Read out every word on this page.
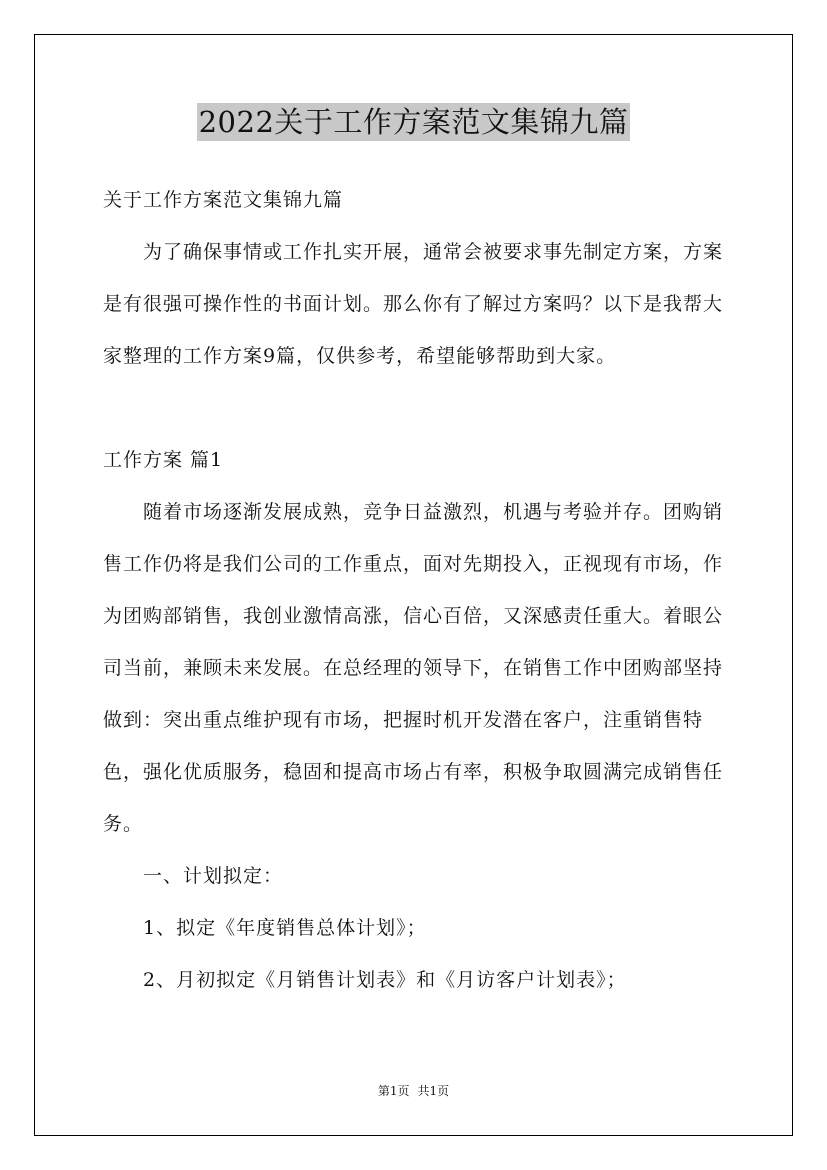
2022关于工作方案范文集锦九篇

关于工作方案范文集锦九篇

为了确保事情或工作扎实开展，通常会被要求事先制定方案，方案是有很强可操作性的书面计划。那么你有了解过方案吗？以下是我帮大家整理的工作方案9篇，仅供参考，希望能够帮助到大家。

工作方案 篇1

随着市场逐渐发展成熟，竞争日益激烈，机遇与考验并存。团购销售工作仍将是我们公司的工作重点，面对先期投入，正视现有市场，作为团购部销售，我创业激情高涨，信心百倍，又深感责任重大。着眼公司当前，兼顾未来发展。在总经理的领导下，在销售工作中团购部坚持做到：突出重点维护现有市场，把握时机开发潜在客户，注重销售特色，强化优质服务，稳固和提高市场占有率，积极争取圆满完成销售任务。

一、计划拟定：

1、拟定《年度销售总体计划》；

2、月初拟定《月销售计划表》和《月访客户计划表》；

第1页 共1页
